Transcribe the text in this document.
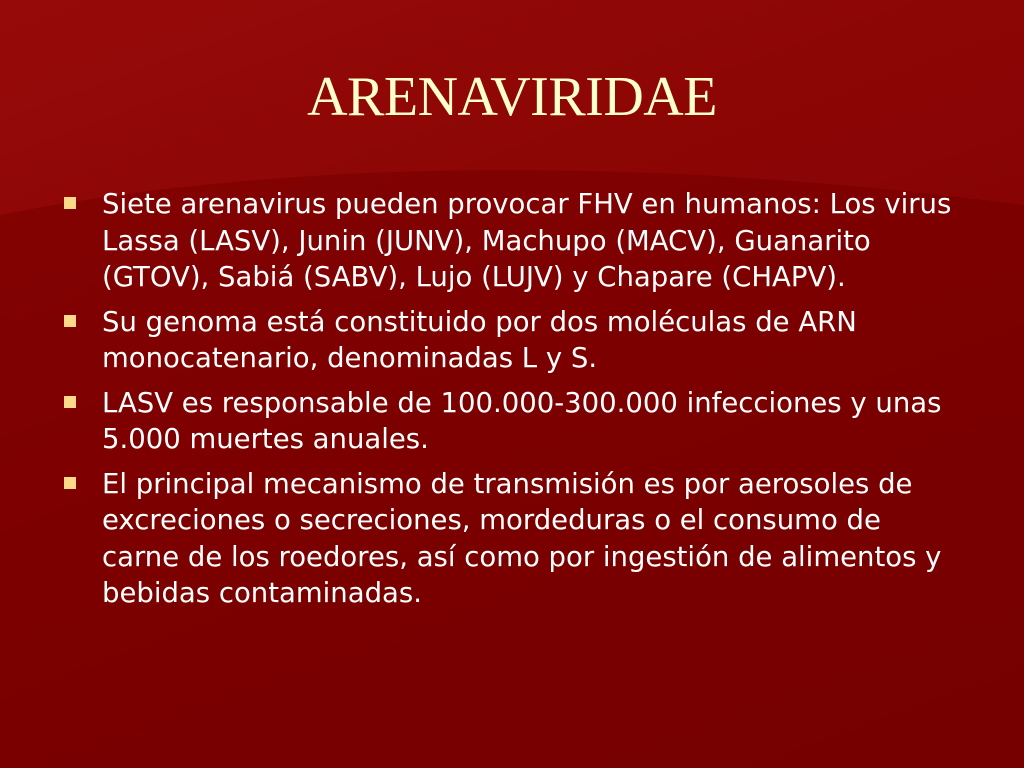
ARENAVIRIDAE
Siete arenavirus pueden provocar FHV en humanos: Los virus Lassa (LASV), Junin (JUNV), Machupo (MACV), Guanarito (GTOV), Sabiá (SABV), Lujo (LUJV) y Chapare (CHAPV).
Su genoma está constituido por dos moléculas de ARN monocatenario, denominadas L y S.
LASV es responsable de 100.000-300.000 infecciones y unas 5.000 muertes anuales.
El principal mecanismo de transmisión es por aerosoles de excreciones o secreciones, mordeduras o el consumo de carne de los roedores, así como por ingestión de alimentos y bebidas contaminadas.
